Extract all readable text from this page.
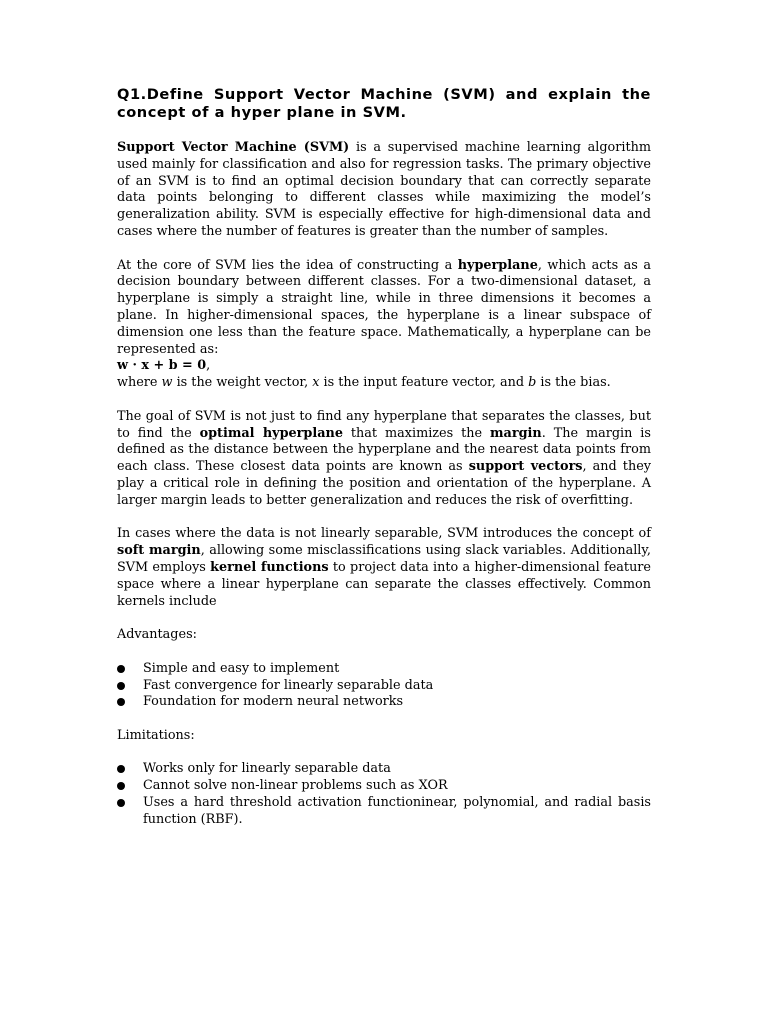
Q1.Define Support Vector Machine (SVM) and explain the concept of a hyper plane in SVM.

Support Vector Machine (SVM) is a supervised machine learning algorithm used mainly for classification and also for regression tasks. The primary objective of an SVM is to find an optimal decision boundary that can correctly separate data points belonging to different classes while maximizing the model’s generalization ability. SVM is especially effective for high-dimensional data and cases where the number of features is greater than the number of samples.

At the core of SVM lies the idea of constructing a hyperplane, which acts as a decision boundary between different classes. For a two-dimensional dataset, a hyperplane is simply a straight line, while in three dimensions it becomes a plane. In higher-dimensional spaces, the hyperplane is a linear subspace of dimension one less than the feature space. Mathematically, a hyperplane can be represented as:
w · x + b = 0,
where w is the weight vector, x is the input feature vector, and b is the bias.

The goal of SVM is not just to find any hyperplane that separates the classes, but to find the optimal hyperplane that maximizes the margin. The margin is defined as the distance between the hyperplane and the nearest data points from each class. These closest data points are known as support vectors, and they play a critical role in defining the position and orientation of the hyperplane. A larger margin leads to better generalization and reduces the risk of overfitting.

In cases where the data is not linearly separable, SVM introduces the concept of soft margin, allowing some misclassifications using slack variables. Additionally, SVM employs kernel functions to project data into a higher-dimensional feature space where a linear hyperplane can separate the classes effectively. Common kernels include

Advantages:

Simple and easy to implement
Fast convergence for linearly separable data
Foundation for modern neural networks

Limitations:

Works only for linearly separable data
Cannot solve non-linear problems such as XOR
Uses a hard threshold activation functioninear, polynomial, and radial basis function (RBF).
